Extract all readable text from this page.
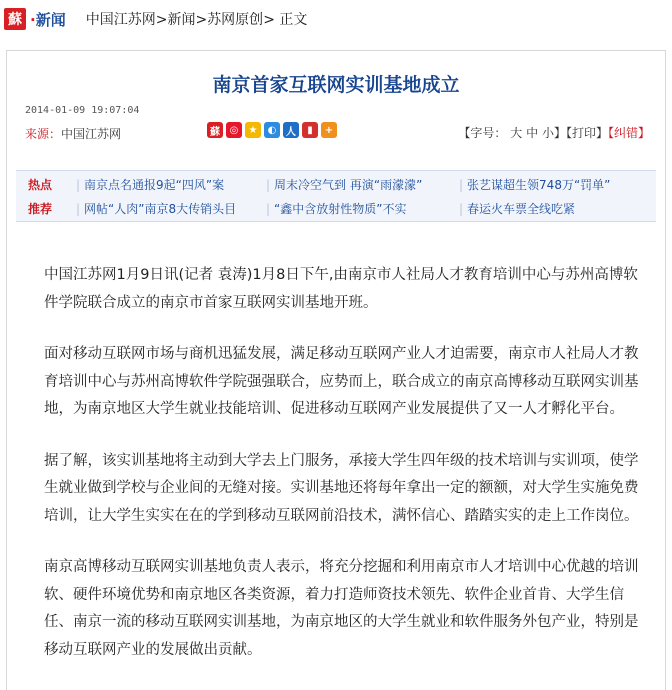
蘇 ·新闻 中国江苏网 >新闻 >苏网原创 > 正文
南京首家互联网实训基地成立
2014-01-09 19:07:04
来源： 中国江苏网	蘇 ◎	★	◐ 人	▮	+	【字号： 大 中 小】【打印】【纠错】
热点	| 南京点名通报9起“四风”案	| 周末冷空气到 再演“雨濛濛”	| 张艺谋超生领748万“罚单”
推荐	| 网帖“人肉”南京8大传销头目	| “鑫中含放射性物质”不实	| 春运火车票全线吃紧

中国江苏网1月9日讯(记者 袁涛)1月8日下午,由南京市人社局人才教育培训中心与苏州高博软件学院联合成立的南京市首家互联网实训基地开班。

面对移动互联网市场与商机迅猛发展，满足移动互联网产业人才迫需要，南京市人社局人才教育培训中心与苏州高博软件学院强强联合，应势而上，联合成立的南京高博移动互联网实训基地，为南京地区大学生就业技能培训、促进移动互联网产业发展提供了又一人才孵化平台。

据了解，该实训基地将主动到大学去上门服务，承接大学生四年级的技术培训与实训项，使学生就业做到学校与企业间的无缝对接。实训基地还将每年拿出一定的额额，对大学生实施免费培训，让大学生实实在在的学到移动互联网前沿技术，满怀信心、踏踏实实的走上工作岗位。

南京高博移动互联网实训基地负责人表示，将充分挖掘和利用南京市人才培训中心优越的培训软、硬件环境优势和南京地区各类资源，着力打造师资技术领先、软件企业首肯、大学生信任、南京一流的移动互联网实训基地，为南京地区的大学生就业和软件服务外包产业，特别是移动互联网产业的发展做出贡献。
